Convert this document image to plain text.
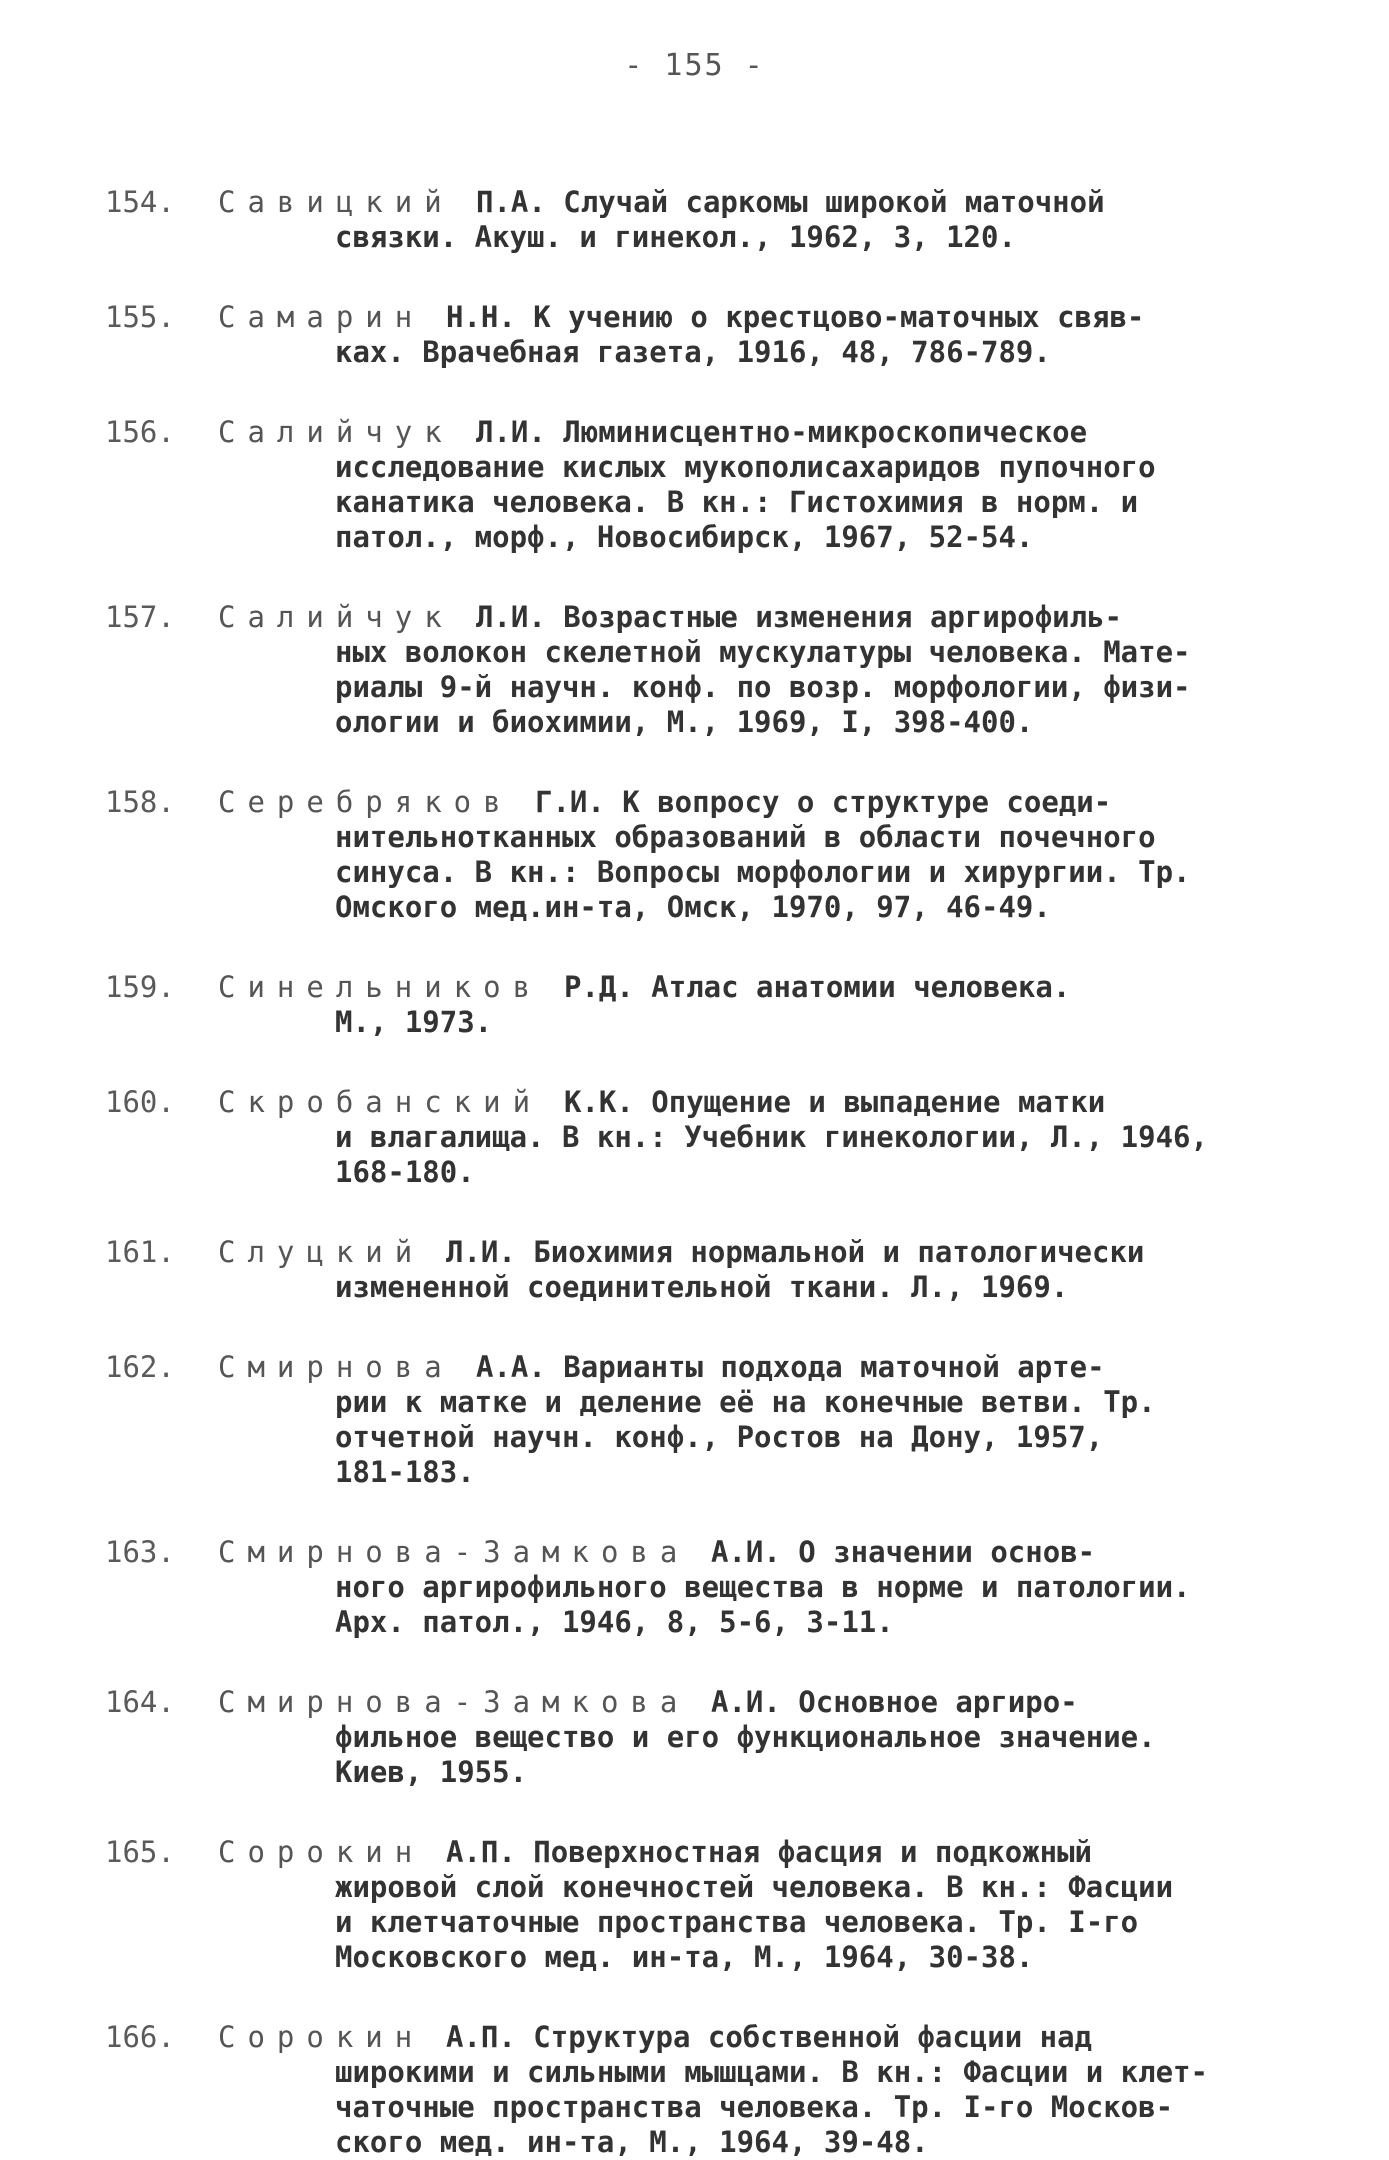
- 155 -
154. Савицкий П.А. Случай саркомы широкой маточной
связки. Акуш. и гинекол., 1962, 3, 120.
155. Самарин Н.Н. К учению о крестцово-маточных свяв-
ках. Врачебная газета, 1916, 48, 786-789.
156. Салийчук Л.И. Люминисцентно-микроскопическое
исследование кислых мукополисахаридов пупочного
канатика человека. В кн.: Гистохимия в норм. и
патол., морф., Новосибирск, 1967, 52-54.
157. Салийчук Л.И. Возрастные изменения аргирофиль-
ных волокон скелетной мускулатуры человека. Мате-
риалы 9-й научн. конф. по возр. морфологии, физи-
ологии и биохимии, М., 1969, I, 398-400.
158. Серебряков Г.И. К вопросу о структуре соеди-
нительнотканных образований в области почечного
синуса. В кн.: Вопросы морфологии и хирургии. Тр.
Омского мед.ин-та, Омск, 1970, 97, 46-49.
159. Синельников Р.Д. Атлас анатомии человека.
М., 1973.
160. Скробанский К.К. Опущение и выпадение матки
и влагалища. В кн.: Учебник гинекологии, Л., 1946,
168-180.
161. Слуцкий Л.И. Биохимия нормальной и патологически
измененной соединительной ткани. Л., 1969.
162. Смирнова А.А. Варианты подхода маточной арте-
рии к матке и деление её на конечные ветви. Тр.
отчетной научн. конф., Ростов на Дону, 1957,
181-183.
163. Смирнова-Замкова А.И. О значении основ-
ного аргирофильного вещества в норме и патологии.
Арх. патол., 1946, 8, 5-6, 3-11.
164. Смирнова-Замкова А.И. Основное аргиро-
фильное вещество и его функциональное значение.
Киев, 1955.
165. Сорокин А.П. Поверхностная фасция и подкожный
жировой слой конечностей человека. В кн.: Фасции
и клетчаточные пространства человека. Тр. I-го
Московского мед. ин-та, М., 1964, 30-38.
166. Сорокин А.П. Структура собственной фасции над
широкими и сильными мышцами. В кн.: Фасции и клет-
чаточные пространства человека. Тр. I-го Москов-
ского мед. ин-та, М., 1964, 39-48.
